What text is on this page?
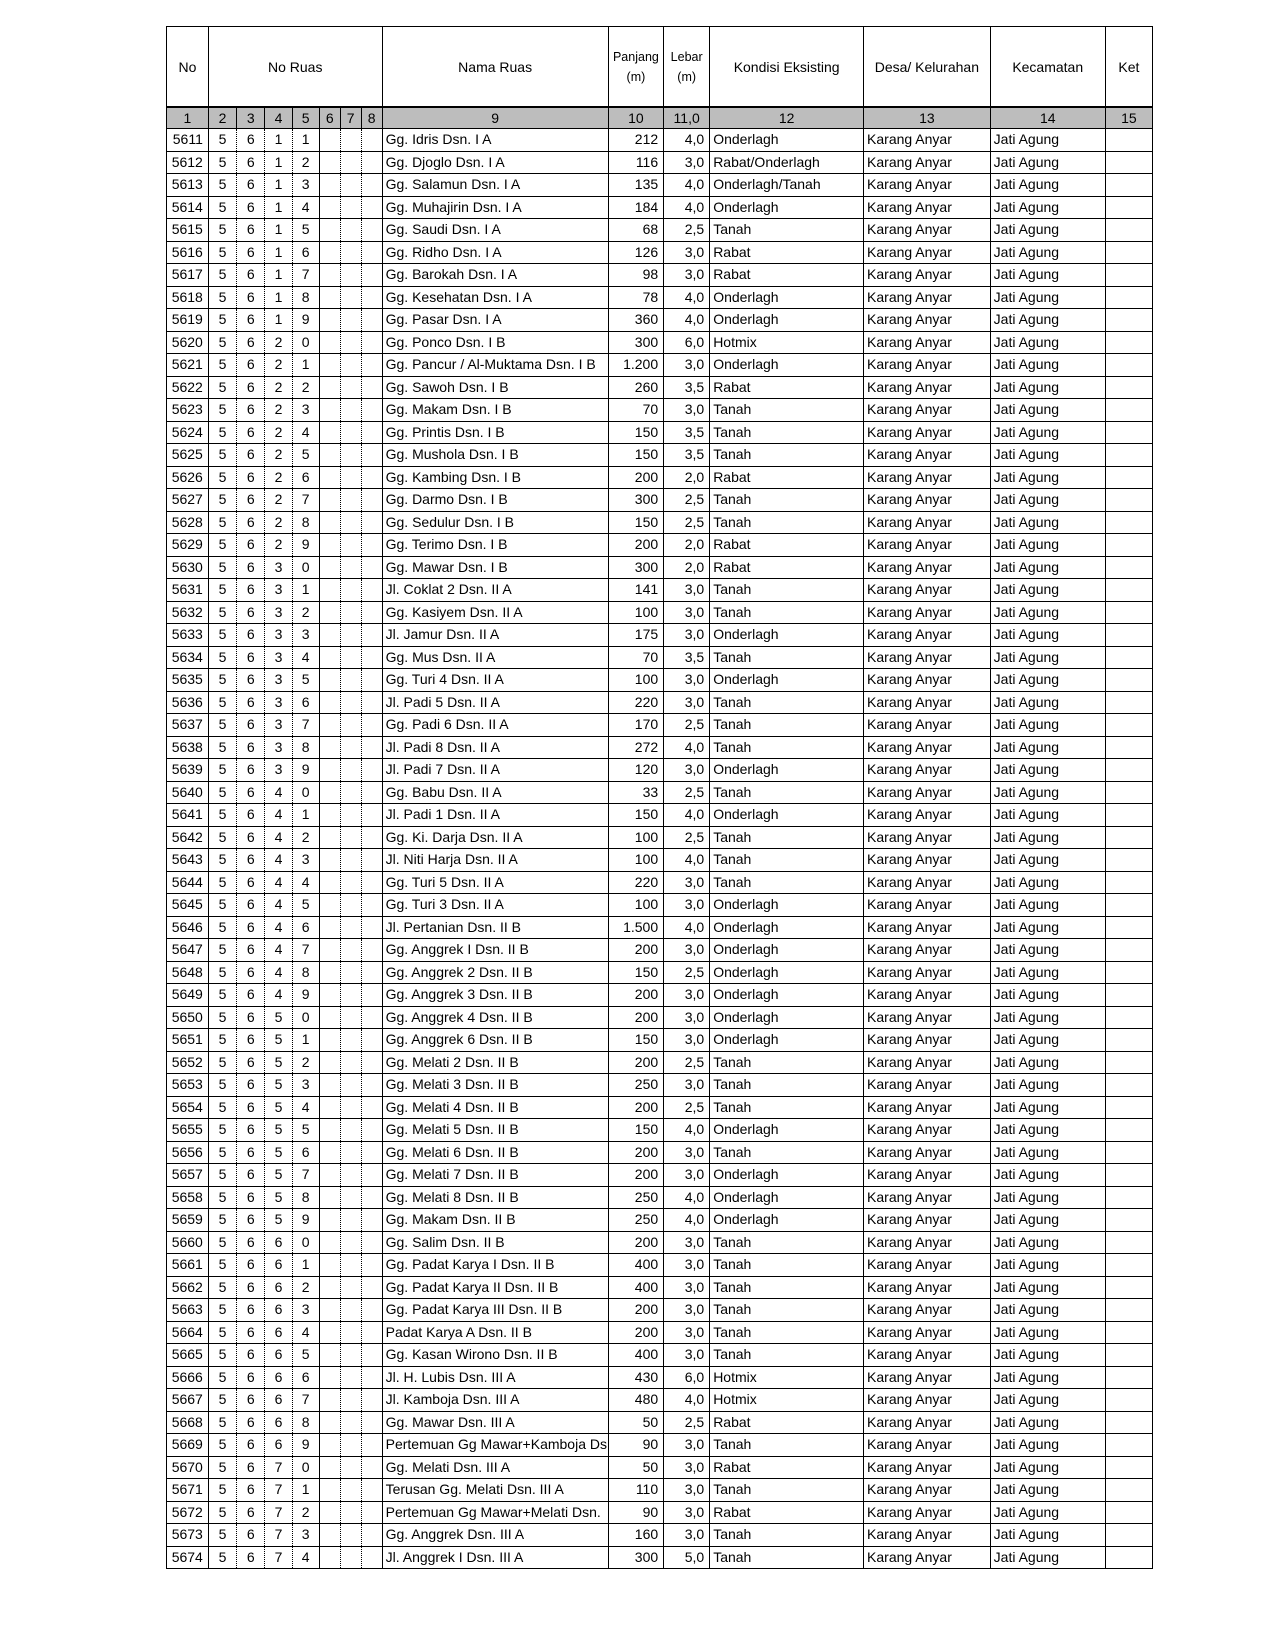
No	No Ruas							Nama Ruas	Panjang (m)	Lebar (m)	Kondisi Eksisting	Desa/ Kelurahan	Kecamatan	Ket
1	2	3	4	5	6	7	8	9	10	11,0	12	13	14	15
5611	5	6	1	1				Gg. Idris Dsn. I A	212	4,0	Onderlagh	Karang Anyar	Jati Agung	
5612	5	6	1	2				Gg. Djoglo Dsn. I A	116	3,0	Rabat/Onderlagh	Karang Anyar	Jati Agung	
5613	5	6	1	3				Gg. Salamun Dsn. I A	135	4,0	Onderlagh/Tanah	Karang Anyar	Jati Agung	
5614	5	6	1	4				Gg. Muhajirin Dsn. I A	184	4,0	Onderlagh	Karang Anyar	Jati Agung	
5615	5	6	1	5				Gg. Saudi Dsn. I A	68	2,5	Tanah	Karang Anyar	Jati Agung	
5616	5	6	1	6				Gg. Ridho Dsn. I A	126	3,0	Rabat	Karang Anyar	Jati Agung	
5617	5	6	1	7				Gg. Barokah Dsn. I A	98	3,0	Rabat	Karang Anyar	Jati Agung	
5618	5	6	1	8				Gg. Kesehatan Dsn. I A	78	4,0	Onderlagh	Karang Anyar	Jati Agung	
5619	5	6	1	9				Gg. Pasar Dsn. I A	360	4,0	Onderlagh	Karang Anyar	Jati Agung	
5620	5	6	2	0				Gg. Ponco Dsn. I B	300	6,0	Hotmix	Karang Anyar	Jati Agung	
5621	5	6	2	1				Gg. Pancur / Al-Muktama Dsn. I B	1.200	3,0	Onderlagh	Karang Anyar	Jati Agung	
5622	5	6	2	2				Gg. Sawoh Dsn. I B	260	3,5	Rabat	Karang Anyar	Jati Agung	
5623	5	6	2	3				Gg. Makam Dsn. I B	70	3,0	Tanah	Karang Anyar	Jati Agung	
5624	5	6	2	4				Gg. Printis Dsn. I B	150	3,5	Tanah	Karang Anyar	Jati Agung	
5625	5	6	2	5				Gg. Mushola Dsn. I B	150	3,5	Tanah	Karang Anyar	Jati Agung	
5626	5	6	2	6				Gg. Kambing Dsn. I B	200	2,0	Rabat	Karang Anyar	Jati Agung	
5627	5	6	2	7				Gg. Darmo Dsn. I B	300	2,5	Tanah	Karang Anyar	Jati Agung	
5628	5	6	2	8				Gg. Sedulur Dsn. I B	150	2,5	Tanah	Karang Anyar	Jati Agung	
5629	5	6	2	9				Gg. Terimo Dsn. I B	200	2,0	Rabat	Karang Anyar	Jati Agung	
5630	5	6	3	0				Gg. Mawar Dsn. I B	300	2,0	Rabat	Karang Anyar	Jati Agung	
5631	5	6	3	1				Jl. Coklat 2 Dsn. II A	141	3,0	Tanah	Karang Anyar	Jati Agung	
5632	5	6	3	2				Gg. Kasiyem Dsn. II A	100	3,0	Tanah	Karang Anyar	Jati Agung	
5633	5	6	3	3				Jl. Jamur Dsn. II A	175	3,0	Onderlagh	Karang Anyar	Jati Agung	
5634	5	6	3	4				Gg. Mus Dsn. II A	70	3,5	Tanah	Karang Anyar	Jati Agung	
5635	5	6	3	5				Gg. Turi 4 Dsn. II A	100	3,0	Onderlagh	Karang Anyar	Jati Agung	
5636	5	6	3	6				Jl. Padi 5 Dsn. II A	220	3,0	Tanah	Karang Anyar	Jati Agung	
5637	5	6	3	7				Gg. Padi 6 Dsn. II A	170	2,5	Tanah	Karang Anyar	Jati Agung	
5638	5	6	3	8				Jl. Padi 8 Dsn. II A	272	4,0	Tanah	Karang Anyar	Jati Agung	
5639	5	6	3	9				Jl. Padi 7 Dsn. II A	120	3,0	Onderlagh	Karang Anyar	Jati Agung	
5640	5	6	4	0				Gg. Babu Dsn. II A	33	2,5	Tanah	Karang Anyar	Jati Agung	
5641	5	6	4	1				Jl. Padi 1 Dsn. II A	150	4,0	Onderlagh	Karang Anyar	Jati Agung	
5642	5	6	4	2				Gg. Ki. Darja Dsn. II A	100	2,5	Tanah	Karang Anyar	Jati Agung	
5643	5	6	4	3				Jl. Niti Harja Dsn. II A	100	4,0	Tanah	Karang Anyar	Jati Agung	
5644	5	6	4	4				Gg. Turi 5 Dsn. II A	220	3,0	Tanah	Karang Anyar	Jati Agung	
5645	5	6	4	5				Gg. Turi 3 Dsn. II A	100	3,0	Onderlagh	Karang Anyar	Jati Agung	
5646	5	6	4	6				Jl. Pertanian Dsn. II B	1.500	4,0	Onderlagh	Karang Anyar	Jati Agung	
5647	5	6	4	7				Gg. Anggrek I Dsn. II B	200	3,0	Onderlagh	Karang Anyar	Jati Agung	
5648	5	6	4	8				Gg. Anggrek 2 Dsn. II B	150	2,5	Onderlagh	Karang Anyar	Jati Agung	
5649	5	6	4	9				Gg. Anggrek 3 Dsn. II B	200	3,0	Onderlagh	Karang Anyar	Jati Agung	
5650	5	6	5	0				Gg. Anggrek 4 Dsn. II B	200	3,0	Onderlagh	Karang Anyar	Jati Agung	
5651	5	6	5	1				Gg. Anggrek 6 Dsn. II B	150	3,0	Onderlagh	Karang Anyar	Jati Agung	
5652	5	6	5	2				Gg. Melati 2 Dsn. II B	200	2,5	Tanah	Karang Anyar	Jati Agung	
5653	5	6	5	3				Gg. Melati 3 Dsn. II B	250	3,0	Tanah	Karang Anyar	Jati Agung	
5654	5	6	5	4				Gg. Melati 4 Dsn. II B	200	2,5	Tanah	Karang Anyar	Jati Agung	
5655	5	6	5	5				Gg. Melati 5 Dsn. II B	150	4,0	Onderlagh	Karang Anyar	Jati Agung	
5656	5	6	5	6				Gg. Melati 6 Dsn. II B	200	3,0	Tanah	Karang Anyar	Jati Agung	
5657	5	6	5	7				Gg. Melati 7 Dsn. II B	200	3,0	Onderlagh	Karang Anyar	Jati Agung	
5658	5	6	5	8				Gg. Melati 8 Dsn. II B	250	4,0	Onderlagh	Karang Anyar	Jati Agung	
5659	5	6	5	9				Gg. Makam Dsn. II B	250	4,0	Onderlagh	Karang Anyar	Jati Agung	
5660	5	6	6	0				Gg. Salim Dsn. II B	200	3,0	Tanah	Karang Anyar	Jati Agung	
5661	5	6	6	1				Gg. Padat Karya I Dsn. II B	400	3,0	Tanah	Karang Anyar	Jati Agung	
5662	5	6	6	2				Gg. Padat Karya II Dsn. II B	400	3,0	Tanah	Karang Anyar	Jati Agung	
5663	5	6	6	3				Gg. Padat Karya III Dsn. II B	200	3,0	Tanah	Karang Anyar	Jati Agung	
5664	5	6	6	4				Padat Karya A Dsn. II B	200	3,0	Tanah	Karang Anyar	Jati Agung	
5665	5	6	6	5				Gg. Kasan Wirono Dsn. II B	400	3,0	Tanah	Karang Anyar	Jati Agung	
5666	5	6	6	6				Jl. H. Lubis Dsn. III A	430	6,0	Hotmix	Karang Anyar	Jati Agung	
5667	5	6	6	7				Jl. Kamboja Dsn. III A	480	4,0	Hotmix	Karang Anyar	Jati Agung	
5668	5	6	6	8				Gg. Mawar Dsn. III A	50	2,5	Rabat	Karang Anyar	Jati Agung	
5669	5	6	6	9				Pertemuan Gg Mawar+Kamboja Ds	90	3,0	Tanah	Karang Anyar	Jati Agung	
5670	5	6	7	0				Gg. Melati Dsn. III A	50	3,0	Rabat	Karang Anyar	Jati Agung	
5671	5	6	7	1				Terusan Gg. Melati Dsn. III A	110	3,0	Tanah	Karang Anyar	Jati Agung	
5672	5	6	7	2				Pertemuan Gg Mawar+Melati Dsn.	90	3,0	Rabat	Karang Anyar	Jati Agung	
5673	5	6	7	3				Gg. Anggrek Dsn. III A	160	3,0	Tanah	Karang Anyar	Jati Agung	
5674	5	6	7	4				Jl. Anggrek I Dsn. III A	300	5,0	Tanah	Karang Anyar	Jati Agung	
